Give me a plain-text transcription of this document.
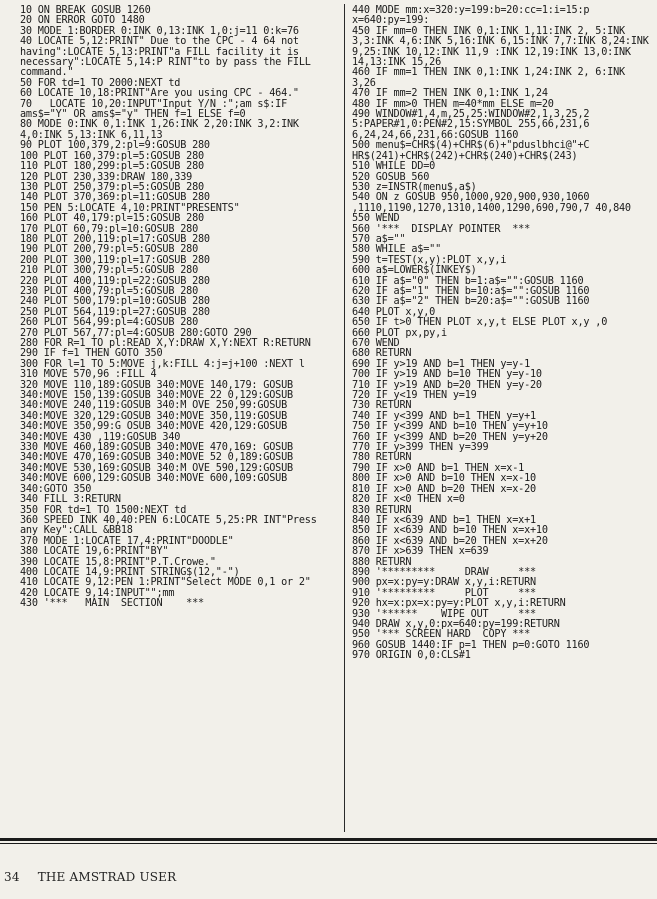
10 ON BREAK GOSUB 1260
20 ON ERROR GOTO 1480
30 MODE 1:BORDER 0:INK 0,13:INK 1,0:j=11 0:k=76
40 LOCATE 5,12:PRINT" Due to the CPC - 4 64 not having":LOCATE 5,13:PRINT"a FILL facility it is  necessary":LOCATE 5,14:P RINT"to by pass the FILL command."
50 FOR td=1 TO 2000:NEXT td
60 LOCATE 10,18:PRINT"Are you using CPC - 464."
70   LOCATE 10,20:INPUT"Input Y/N :";am s$:IF ams$="Y" OR ams$="y" THEN f=1 ELSE f=0
80 MODE 0:INK 0,1:INK 1,26:INK 2,20:INK 3,2:INK 4,0:INK 5,13:INK 6,11,13
90 PLOT 100,379,2:pl=9:GOSUB 280
100 PLOT 160,379:pl=5:GOSUB 280
110 PLOT 180,299:pl=5:GOSUB 280
120 PLOT 230,339:DRAW 180,339
130 PLOT 250,379:pl=5:GOSUB 280
140 PLOT 370,369:pl=11:GOSUB 280
150 PEN 5:LOCATE 4,10:PRINT"PRESENTS"
160 PLOT 40,179:pl=15:GOSUB 280
170 PLOT 60,79:pl=10:GOSUB 280
180 PLOT 200,119:pl=17:GOSUB 280
190 PLOT 200,79:pl=5:GOSUB 280
200 PLOT 300,119:pl=17:GOSUB 280
210 PLOT 300,79:pl=5:GOSUB 280
220 PLOT 400,119:pl=22:GOSUB 280
230 PLOT 400,79:pl=5:GOSUB 280
240 PLOT 500,179:pl=10:GOSUB 280
250 PLOT 564,119:pl=27:GOSUB 280
260 PLOT 564,99:pl=4:GOSUB 280
270 PLOT 567,77:pl=4:GOSUB 280:GOTO 290
280 FOR R=1 TO pl:READ X,Y:DRAW X,Y:NEXT R:RETURN
290 IF f=1 THEN GOTO 350
300 FOR l=1 TO 5:MOVE j,k:FILL 4:j=j+100 :NEXT l
310 MOVE 570,96 :FILL 4
320 MOVE 110,189:GOSUB 340:MOVE 140,179: GOSUB 340:MOVE 150,139:GOSUB 340:MOVE 22 0,129:GOSUB 340:MOVE 240,119:GOSUB 340:M OVE 250,99:GOSUB 340:MOVE 320,129:GOSUB 340:MOVE 350,119:GOSUB 340:MOVE 350,99:G OSUB 340:MOVE 420,129:GOSUB 340:MOVE 430 ,119:GOSUB 340
330 MOVE 460,189:GOSUB 340:MOVE 470,169: GOSUB 340:MOVE 470,169:GOSUB 340:MOVE 52 0,189:GOSUB 340:MOVE 530,169:GOSUB 340:M OVE 590,129:GOSUB 340:MOVE 600,129:GOSUB 340:MOVE 600,109:GOSUB 340:GOTO 350
340 FILL 3:RETURN
350 FOR td=1 TO 1500:NEXT td
360 SPEED INK 40,40:PEN 6:LOCATE 5,25:PR INT"Press any Key":CALL &BB18
370 MODE 1:LOCATE 17,4:PRINT"DOODLE"
380 LOCATE 19,6:PRINT"BY"
390 LOCATE 15,8:PRINT"P.T.Crowe."
400 LOCATE 14,9:PRINT STRING$(12,"-")
410 LOCATE 9,12:PEN 1:PRINT"Select MODE 0,1 or 2"
420 LOCATE 9,14:INPUT"";mm
430 '***   MAIN  SECTION    ***
440 MODE mm:x=320:y=199:b=20:cc=1:i=15:p x=640:py=199:
450 IF mm=0 THEN INK 0,1:INK 1,11:INK 2, 5:INK 3,3:INK 4,6:INK 5,16:INK 6,15:INK 7,7:INK 8,24:INK 9,25:INK 10,12:INK 11,9 :INK 12,19:INK 13,0:INK 14,13:INK 15,26
460 IF mm=1 THEN INK 0,1:INK 1,24:INK 2, 6:INK 3,26
470 IF mm=2 THEN INK 0,1:INK 1,24
480 IF mm>0 THEN m=40*mm ELSE m=20
490 WINDOW#1,4,m,25,25:WINDOW#2,1,3,25,2 5:PAPER#1,0:PEN#2,15:SYMBOL 255,66,231,6 6,24,24,66,231,66:GOSUB 1160
500 menu$=CHR$(4)+CHR$(6)+"pduslbhci@"+C HR$(241)+CHR$(242)+CHR$(240)+CHR$(243)
510 WHILE DD=0
520 GOSUB 560
530 z=INSTR(menu$,a$)
540 ON z GOSUB 950,1000,920,900,930,1060 ,1110,1190,1270,1310,1400,1290,690,790,7 40,840
550 WEND
560 '***  DISPLAY POINTER  ***
570 a$=""
580 WHILE a$=""
590 t=TEST(x,y):PLOT x,y,i
600 a$=LOWER$(INKEY$)
610 IF a$="0" THEN b=1:a$="":GOSUB 1160
620 IF a$="1" THEN b=10:a$="":GOSUB 1160
630 IF a$="2" THEN b=20:a$="":GOSUB 1160
640 PLOT x,y,0
650 IF t>0 THEN PLOT x,y,t ELSE PLOT x,y ,0
660 PLOT px,py,i
670 WEND
680 RETURN
690 IF y>19 AND b=1 THEN y=y-1
700 IF y>19 AND b=10 THEN y=y-10
710 IF y>19 AND b=20 THEN y=y-20
720 IF y<19 THEN y=19
730 RETURN
740 IF y<399 AND b=1 THEN y=y+1
750 IF y<399 AND b=10 THEN y=y+10
760 IF y<399 AND b=20 THEN y=y+20
770 IF y>399 THEN y=399
780 RETURN
790 IF x>0 AND b=1 THEN x=x-1
800 IF x>0 AND b=10 THEN x=x-10
810 IF x>0 AND b=20 THEN x=x-20
820 IF x<0 THEN x=0
830 RETURN
840 IF x<639 AND b=1 THEN x=x+1
850 IF x<639 AND b=10 THEN x=x+10
860 IF x<639 AND b=20 THEN x=x+20
870 IF x>639 THEN x=639
880 RETURN
890 '*********     DRAW     ***
900 px=x:py=y:DRAW x,y,i:RETURN
910 '*********     PLOT     ***
920 hx=x:px=x:py=y:PLOT x,y,i:RETURN
930 '******    WIPE OUT     ***
940 DRAW x,y,0:px=640:py=199:RETURN
950 '*** SCREEN HARD  COPY ***
960 GOSUB 1440:IF p=1 THEN p=0:GOTO 1160
970 ORIGIN 0,0:CLS#1
34 THE AMSTRAD USER
